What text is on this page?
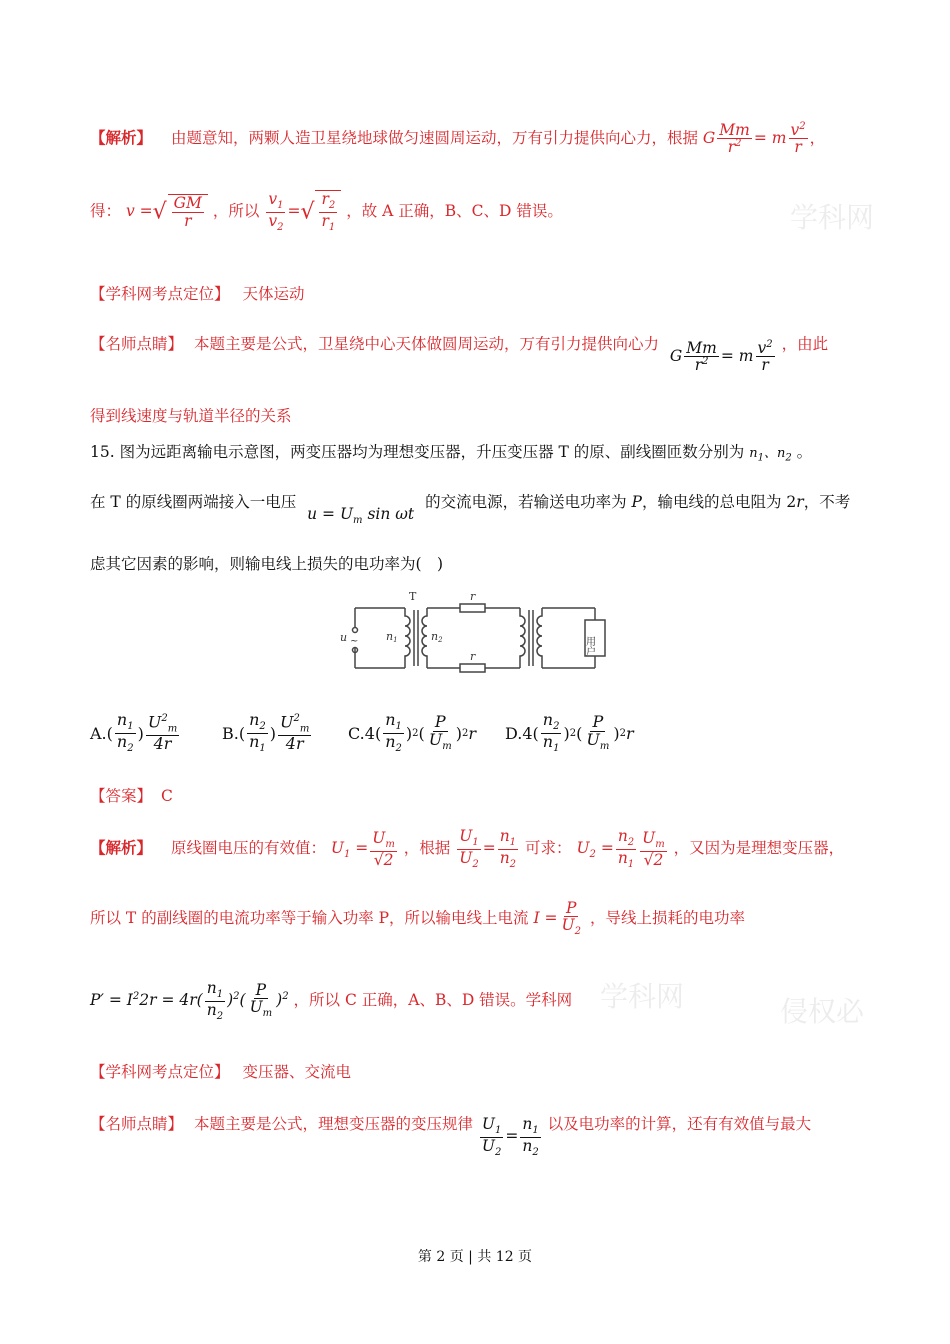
学科网
学科网	侵权必
【解析】 由题意知，两颗人造卫星绕地球做匀速圆周运动，万有引力提供向心力，根据 G $\frac{Mm}{r^2} = m \frac{v^2}{r}$ ，
得： v =√ $\frac{GM}{r}$ ，所以 $\frac{v_1}{v_2}$ =√ $\frac{r_2}{r_1}$ ，故 A 正确，B、C、D 错误。
【学科网考点定位】 天体运动
【名师点睛】 本题主要是公式，卫星绕中心天体做圆周运动，万有引力提供向心力 G $\frac{Mm}{r^2} = m \frac{v^2}{r}$ ，由此
得到线速度与轨道半径的关系
15. 图为远距离输电示意图，两变压器均为理想变压器，升压变压器 T 的原、副线圈匝数分别为 $n_1$、$n_2$ 。
在 T 的原线圈两端接入一电压 $u = U_m$ sin ωt 的交流电源，若输送电功率为 P，输电线的总电阻为 2r，不考
虑其它因素的影响，则输电线上损失的电功率为(　)
T
u ~	n1	n2
r
r
用户
A. ( $\frac{n_1}{n_2}$ ) $\frac{U^2_m}{4r}$	B. ( $\frac{n_2}{n_1}$ ) $\frac{U^2_m}{4r} C.4$ ( $\frac{n_1}{n_2}$ ) 2 ( $\frac{P}{U_m}$ ) 2 r D.4 ( $\frac{n_2}{n_1}$ ) 2 ( $\frac{P}{U_m}$ ) 2 r
【答案】 C
【解析】 原线圈电压的有效值： $U_1 = \frac{U_m}{√2}$ ，根据 $\frac{U_1}{U_2} = \frac{n_1}{n_2}$ 可求： $U_2 = \frac{n_2}{n_1} \frac{U_m}{√2}$ ，又因为是理想变压器，
所以 T 的副线圈的电流功率等于输入功率 P，所以输电线上电流 $I = \frac{P}{U_2}$ ，导线上损耗的电功率
$P' = I^22r = 4r( \frac{n_1}{n_2} )^2( \frac{P}{U_m} )^2$ ，所以 C 正确，A、B、D 错误。学科网
【学科网考点定位】 变压器、交流电
【名师点睛】 本题主要是公式，理想变压器的变压规律 $\frac{U_1}{U_2} = \frac{n_1}{n_2}$ 以及电功率的计算，还有有效值与最大
第 2 页 | 共 12 页
